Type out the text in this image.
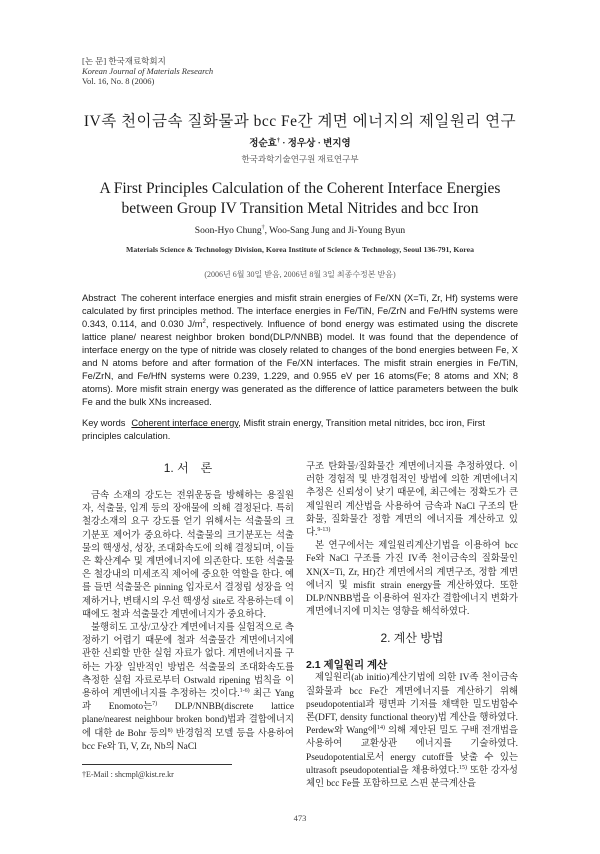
[논 문] 한국재료학회지
Korean Journal of Materials Research
Vol. 16, No. 8 (2006)
IV족 천이금속 질화물과 bcc Fe간 계면 에너지의 제일원리 연구
정순효† · 정우상 · 변지영
한국과학기술연구원 재료연구부
A First Principles Calculation of the Coherent Interface Energies
between Group IV Transition Metal Nitrides and bcc Iron
Soon-Hyo Chung†, Woo-Sang Jung and Ji-Young Byun
Materials Science & Technology Division, Korea Institute of Science & Technology, Seoul 136-791, Korea
(2006년 6월 30일 받음, 2006년 8월 3일 최종수정본 받음)
Abstract The coherent interface energies and misfit strain energies of Fe/XN (X=Ti, Zr, Hf) systems were calculated by first principles method. The interface energies in Fe/TiN, Fe/ZrN and Fe/HfN systems were 0.343, 0.114, and 0.030 $J/m^2$, respectively. Influence of bond energy was estimated using the discrete lattice plane/ nearest neighbor broken bond(DLP/NNBB) model. It was found that the dependence of interface energy on the type of nitride was closely related to changes of the bond energies between Fe, X and N atoms before and after formation of the Fe/XN interfaces. The misfit strain energies in Fe/TiN, Fe/ZrN, and Fe/HfN systems were 0.239, 1.229, and 0.955 eV per 16 atoms(Fe; 8 atoms and XN; 8 atoms). More misfit strain energy was generated as the difference of lattice parameters between the bulk Fe and the bulk XNs increased.
Key words Coherent interface energy, Misfit strain energy, Transition metal nitrides, bcc iron, First principles calculation.
1. 서　론

금속 소재의 강도는 전위운동을 방해하는 용질원자, 석출물, 입계 등의 장애물에 의해 결정된다. 특히 철강소재의 요구 강도를 얻기 위해서는 석출물의 크기분포 제어가 중요하다. 석출물의 크기분포는 석출물의 핵생성, 성장, 조대화속도에 의해 결정되며, 이들은 확산계수 및 계면에너지에 의존한다. 또한 석출물은 철강내의 미세조직 제어에 중요한 역할을 한다. 예를 들면 석출물은 pinning 입자로서 결정립 성장을 억제하거나, 변태시의 우선 핵생성 site로 작용하는데 이때에도 철과 석출물간 계면에너지가 중요하다.

불행히도 고상/고상간 계면에너지를 실험적으로 측정하기 어렵기 때문에 철과 석출물간 계면에너지에 관한 신뢰할 만한 실험 자료가 없다. 계면에너지를 구하는 가장 일반적인 방법은 석출물의 조대화속도를 측정한 실험 자료로부터 Ostwald ripening 법칙을 이용하여 계면에너지를 추정하는 것이다.$^{1-6)}$ 최근 Yang과 Enomoto는$^{7)}$ DLP/NNBB(discrete lattice plane/nearest neighbour broken bond)법과 결합에너지에 대한 de Bohr 등의$^{8)}$ 반경험적 모델 등을 사용하여 bcc Fe와 Ti, V, Zr, Nb의 NaCl

†E-Mail : shcmpl@kist.re.kr

구조 탄화물/질화물간 계면에너지를 추정하였다. 이러한 경험적 및 반경험적인 방법에 의한 계면에너지 추정은 신뢰성이 낮기 때문에, 최근에는 정확도가 큰 제일원리 계산법을 사용하여 금속과 NaCl 구조의 탄화물, 질화물간 정합 계면의 에너지를 계산하고 있다.$^{9-13)}$

본 연구에서는 제일원리계산기법을 이용하여 bcc Fe와 NaCl 구조를 가진 IV족 천이금속의 질화물인 XN(X=Ti, Zr, Hf)간 계면에서의 계면구조, 정합 계면에너지 및 misfit strain energy를 계산하였다. 또한 DLP/NNBB법을 이용하여 원자간 결합에너지 변화가 계면에너지에 미치는 영향을 해석하였다.

2. 계산 방법
2.1 제일원리 계산

제일원리(ab initio)계산기법에 의한 IV족 천이금속 질화물과 bcc Fe간 계면에너지를 계산하기 위해 pseudopotential과 평면파 기저를 채택한 밀도범함수론(DFT, density functional theory)법 계산을 행하였다. Perdew와 Wang에$^{14)}$ 의해 제안된 밀도 구배 전개법을 사용하여 교환상관 에너지를 기술하였다. Pseudopotential로서 energy cutoff를 낮출 수 있는 ultrasoft pseudopotential을 채용하였다.$^{15)}$ 또한 강자성체인 bcc Fe를 포함하므로 스핀 분극계산을

473
